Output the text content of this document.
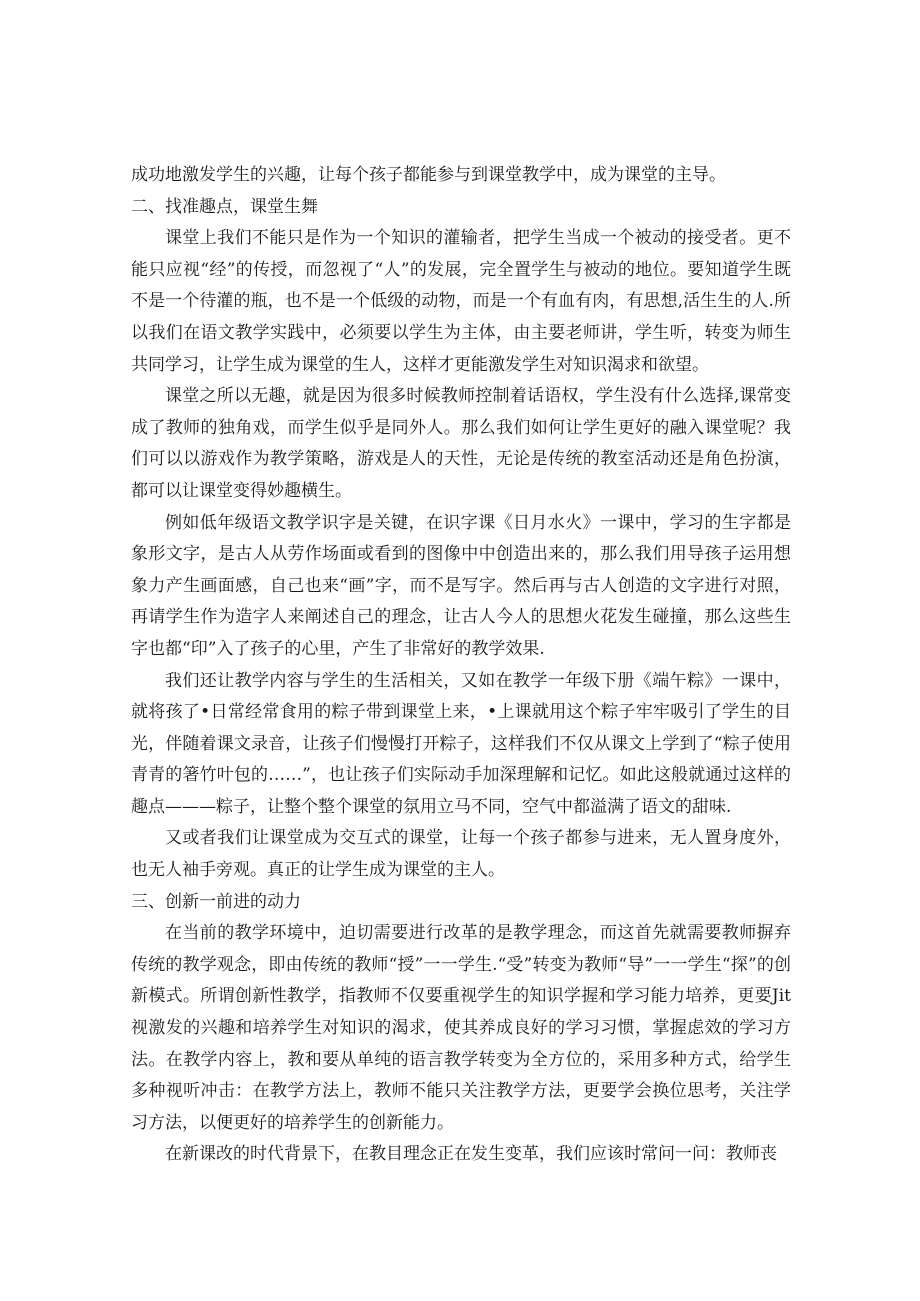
成功地激发学生的兴趣，让每个孩子都能参与到课堂教学中，成为课堂的主导。

二、找准趣点，课堂生舞

课堂上我们不能只是作为一个知识的灌输者，把学生当成一个被动的接受者。更不能只应视“经”的传授，而忽视了“人”的发展，完全置学生与被动的地位。要知道学生既不是一个待灌的瓶，也不是一个低级的动物，而是一个有血有肉，有思想,活生生的人.所以我们在语文教学实践中，必须要以学生为主体，由主要老师讲，学生听，转变为师生共同学习，让学生成为课堂的生人，这样才更能激发学生对知识渴求和欲望。

课堂之所以无趣，就是因为很多时候教师控制着话语权，学生没有什么选择,课常变成了教师的独角戏，而学生似乎是同外人。那么我们如何让学生更好的融入课堂呢？我们可以以游戏作为教学策略，游戏是人的天性，无论是传统的教室活动还是角色扮演，都可以让课堂变得妙趣横生。

例如低年级语文教学识字是关键，在识字课《日月水火》一课中，学习的生字都是象形文字，是古人从劳作场面或看到的图像中中创造出来的，那么我们用导孩子运用想象力产生画面感，自己也来“画”字，而不是写字。然后再与古人创造的文字进行对照，再请学生作为造字人来阐述自己的理念，让古人今人的思想火花发生碰撞，那么这些生字也都“印”入了孩子的心里，产生了非常好的教学效果.

我们还让教学内容与学生的生活相关，又如在教学一年级下册《端午粽》一课中，就将孩了•日常经常食用的粽子带到课堂上来，•上课就用这个粽子牢牢吸引了学生的目光，伴随着课文录音，让孩子们慢慢打开粽子，这样我们不仅从课文上学到了“粽子使用青青的箸竹叶包的……”，也让孩子们实际动手加深理解和记忆。如此这般就通过这样的趣点———粽子，让整个整个课堂的氛用立马不同，空气中都溢满了语文的甜味.

又或者我们让课堂成为交互式的课堂，让每一个孩子都参与进来，无人置身度外，也无人袖手旁观。真正的让学生成为课堂的主人。

三、创新一前进的动力

在当前的教学环境中，迫切需要进行改革的是教学理念，而这首先就需要教师摒弃传统的教学观念，即由传统的教师“授”一一学生.“受”转变为教师“导”一一学生“探”的创新模式。所谓创新性教学，指教师不仅要重视学生的知识学握和学习能力培养，更要Jit视激发的兴趣和培养学生对知识的渴求，使其养成良好的学习习惯，掌握虑效的学习方法。在教学内容上，教和要从单纯的语言教学转变为全方位的，采用多种方式，给学生多种视听冲击：在教学方法上，教师不能只关注教学方法，更要学会换位思考，关注学习方法，以便更好的培养学生的创新能力。

在新课改的时代背景下，在教目理念正在发生变革，我们应该时常问一问：教师丧
